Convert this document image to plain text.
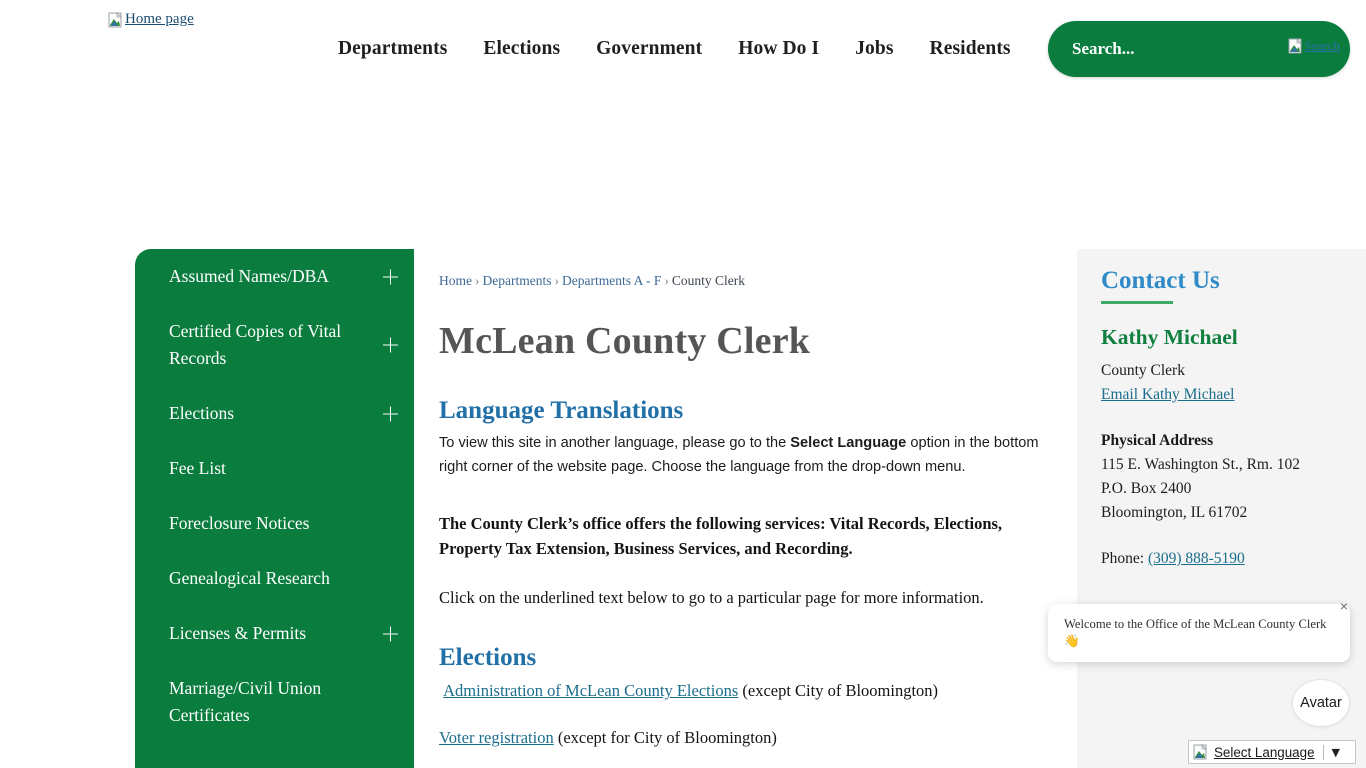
Home page
Departments	Elections	Government	How Do I	Jobs	Residents
Search...	Search
Assumed Names/DBA
Certified Copies of Vital Records
Elections
Fee List
Foreclosure Notices
Genealogical Research
Licenses & Permits
Marriage/Civil Union Certificates
Home › Departments › Departments A - F › County Clerk
McLean County Clerk
Language Translations

To view this site in another language, please go to the Select Language option in the bottom right corner of the website page. Choose the language from the drop-down menu.

The County Clerk’s office offers the following services: Vital Records, Elections, Property Tax Extension, Business Services, and Recording.

Click on the underlined text below to go to a particular page for more information.

Elections

Administration of McLean County Elections (except City of Bloomington)

Voter registration (except for City of Bloomington)

Contact Us
Kathy Michael

County Clerk

Email Kathy Michael

Physical Address

115 E. Washington St., Rm. 102

P.O. Box 2400

Bloomington, IL 61702

Phone: (309) 888-5190

Welcome to the Office of the McLean County Clerk 👋
×
Avatar
Select Language ▼
